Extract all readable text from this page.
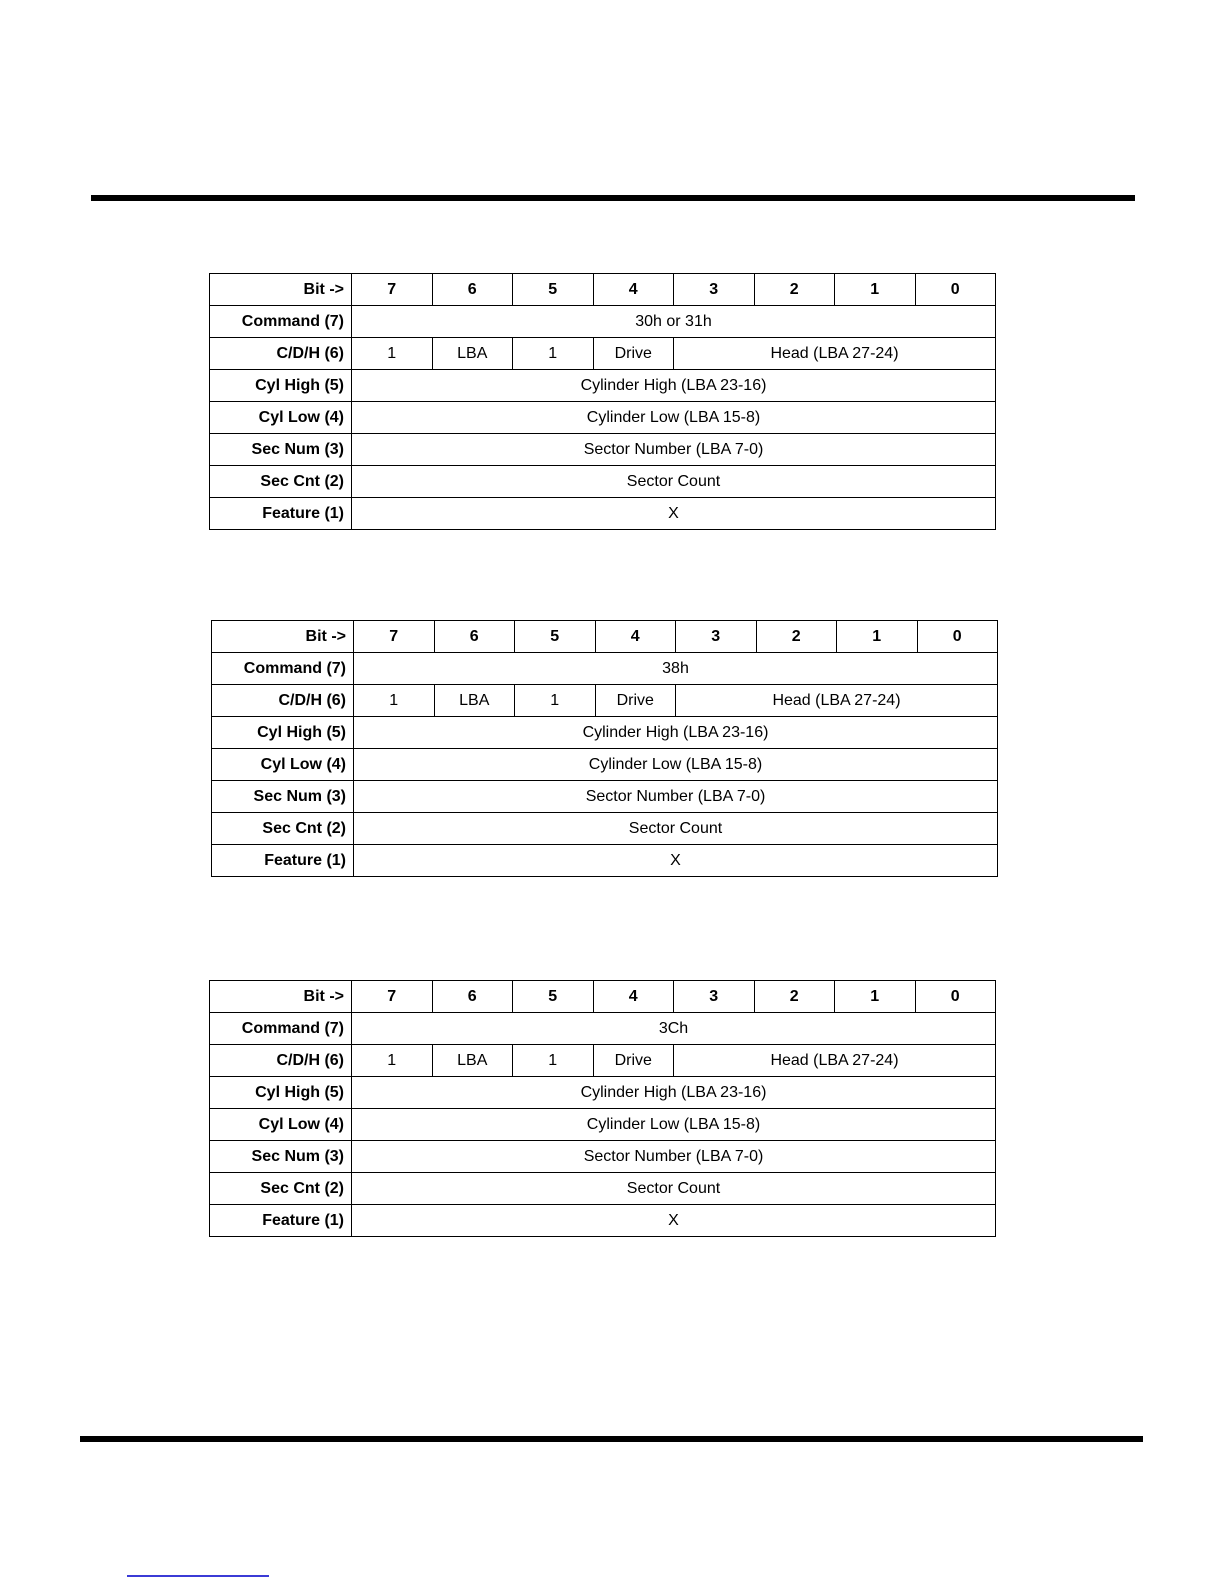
Bit ->	7	6	5	4	3	2	1	0
Command (7)	30h or 31h							
C/D/H (6)	1	LBA	1	Drive	Head (LBA 27-24)			
Cyl High (5)	Cylinder High (LBA 23-16)							
Cyl Low (4)	Cylinder Low (LBA 15-8)							
Sec Num (3)	Sector Number (LBA 7-0)							
Sec Cnt (2)	Sector Count							
Feature (1)	X							
Bit ->	7	6	5	4	3	2	1	0
Command (7)	38h							
C/D/H (6)	1	LBA	1	Drive	Head (LBA 27-24)			
Cyl High (5)	Cylinder High (LBA 23-16)							
Cyl Low (4)	Cylinder Low (LBA 15-8)							
Sec Num (3)	Sector Number (LBA 7-0)							
Sec Cnt (2)	Sector Count							
Feature (1)	X							
Bit ->	7	6	5	4	3	2	1	0
Command (7)	3Ch							
C/D/H (6)	1	LBA	1	Drive	Head (LBA 27-24)			
Cyl High (5)	Cylinder High (LBA 23-16)							
Cyl Low (4)	Cylinder Low (LBA 15-8)							
Sec Num (3)	Sector Number (LBA 7-0)							
Sec Cnt (2)	Sector Count							
Feature (1)	X							
